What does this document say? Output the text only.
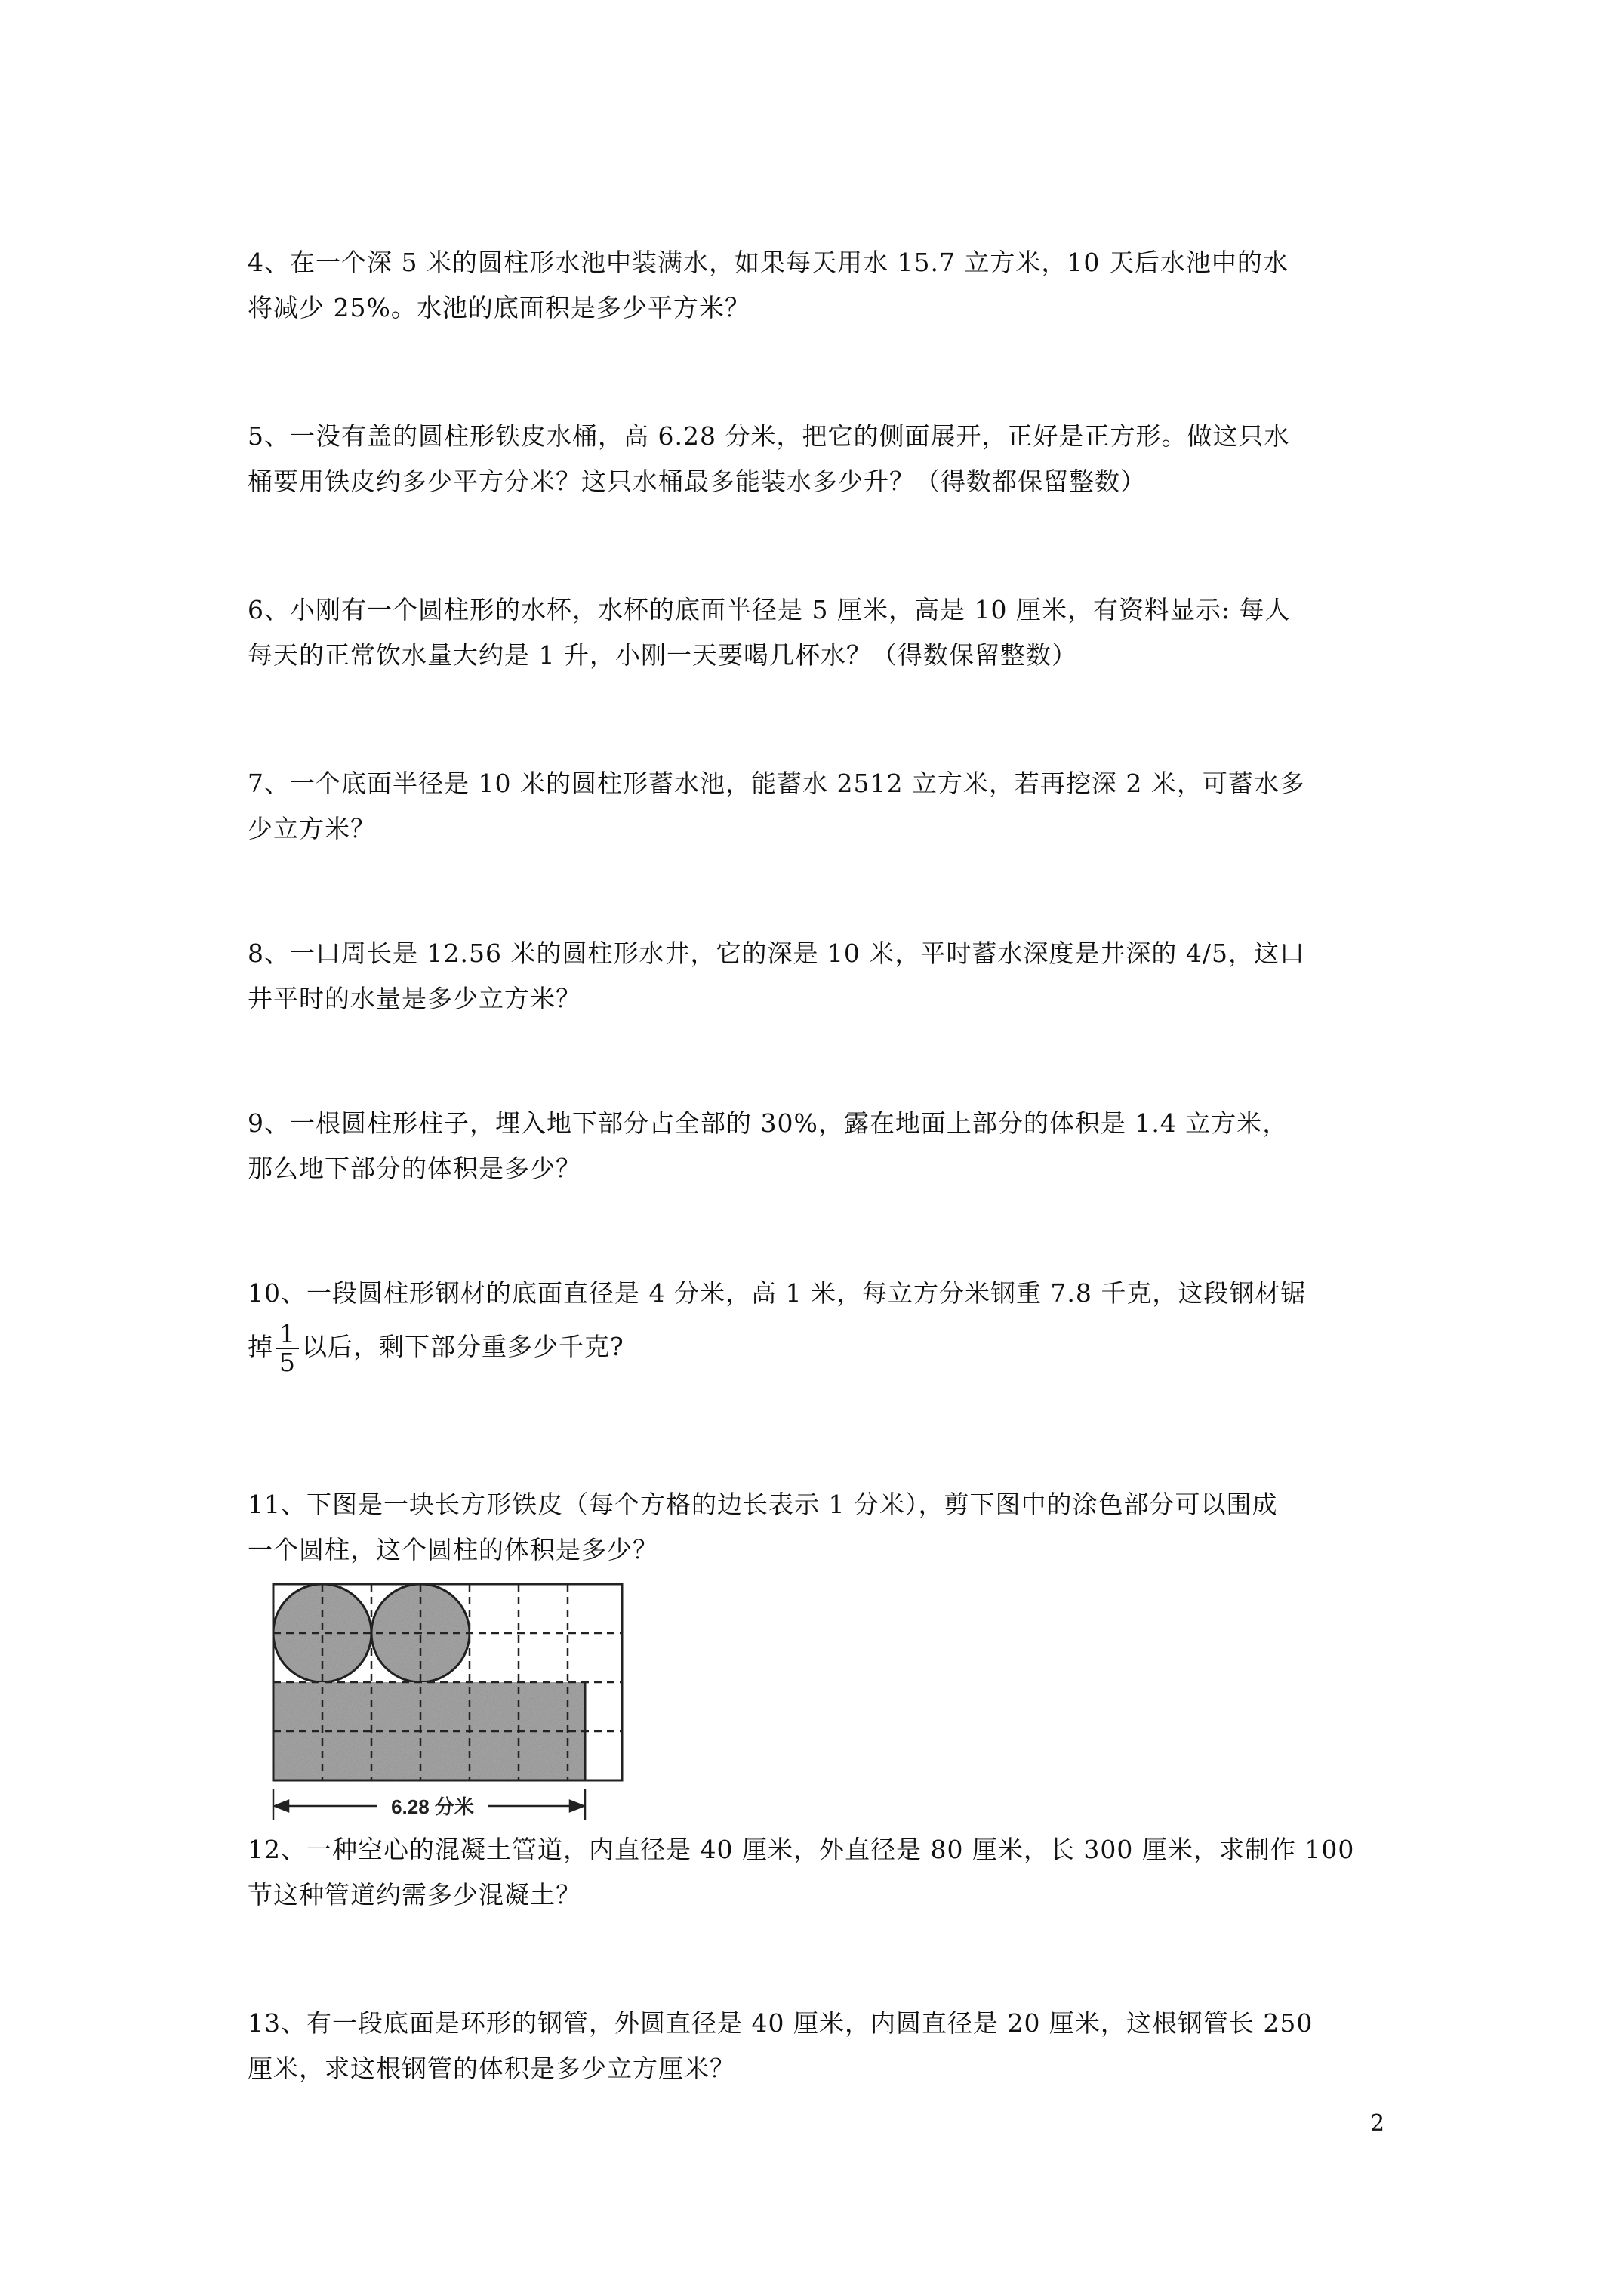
4、在一个深 5 米的圆柱形水池中装满水，如果每天用水 15.7 立方米，10 天后水池中的水

将减少 25%。水池的底面积是多少平方米？

5、一没有盖的圆柱形铁皮水桶，高 6.28 分米，把它的侧面展开，正好是正方形。做这只水

桶要用铁皮约多少平方分米？这只水桶最多能装水多少升？（得数都保留整数）

6、小刚有一个圆柱形的水杯，水杯的底面半径是 5 厘米，高是 10 厘米，有资料显示: 每人

每天的正常饮水量大约是 1 升，小刚一天要喝几杯水？（得数保留整数）

7、一个底面半径是 10 米的圆柱形蓄水池，能蓄水 2512 立方米，若再挖深 2 米，可蓄水多

少立方米？

8、一口周长是 12.56 米的圆柱形水井，它的深是 10 米，平时蓄水深度是井深的 4/5，这口

井平时的水量是多少立方米？

9、一根圆柱形柱子，埋入地下部分占全部的 30%，露在地面上部分的体积是 1.4 立方米，

那么地下部分的体积是多少？

10、一段圆柱形钢材的底面直径是 4 分米，高 1 米，每立方分米钢重 7.8 千克，这段钢材锯

掉 $\frac{1}{5}$ 以后，剩下部分重多少千克?

11、下图是一块长方形铁皮（每个方格的边长表示 1 分米），剪下图中的涂色部分可以围成

一个圆柱，这个圆柱的体积是多少？

6.28 分米

12、一种空心的混凝土管道，内直径是 40 厘米，外直径是 80 厘米，长 300 厘米，求制作 100

节这种管道约需多少混凝土？

13、有一段底面是环形的钢管，外圆直径是 40 厘米，内圆直径是 20 厘米，这根钢管长 250

厘米，求这根钢管的体积是多少立方厘米？

2
